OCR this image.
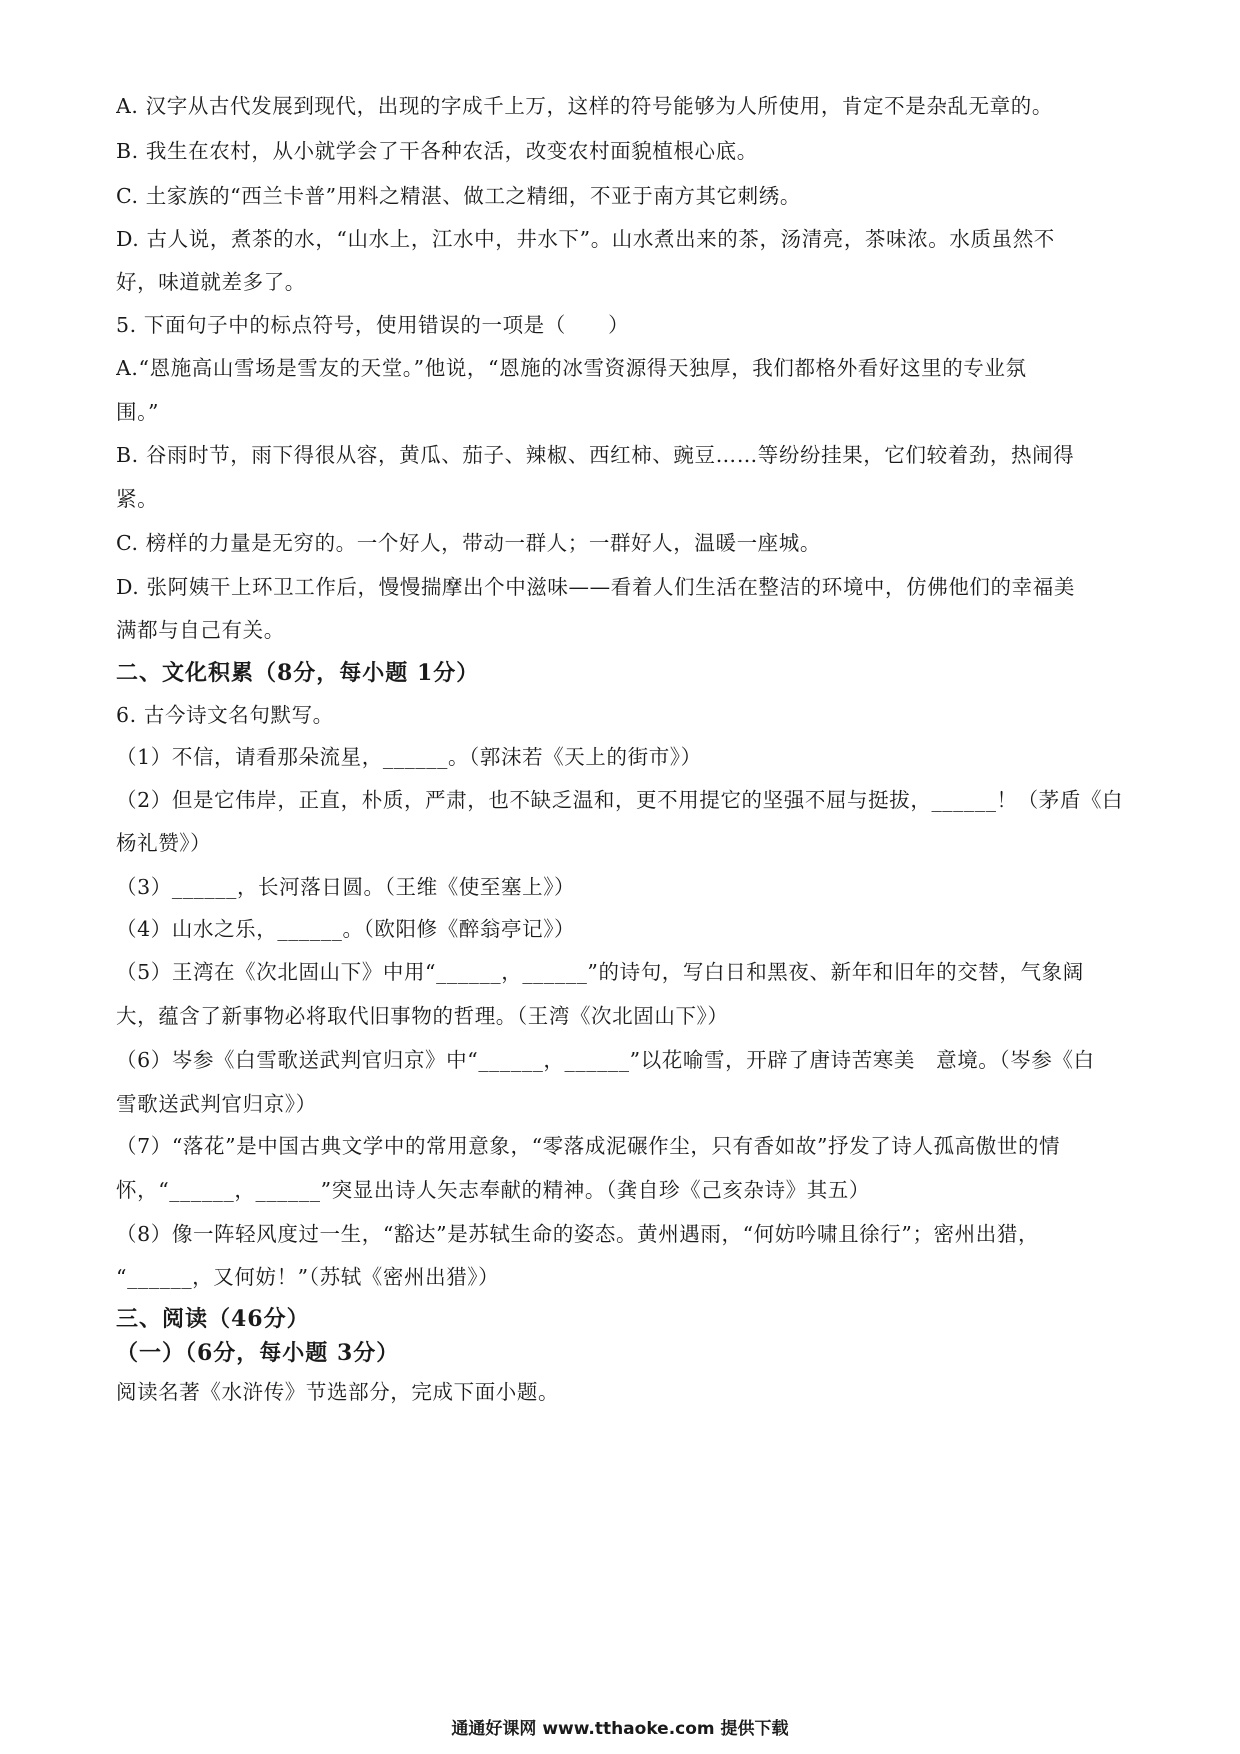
A. 汉字从古代发展到现代，出现的字成千上万，这样的符号能够为人所使用，肯定不是杂乱无章的。
B. 我生在农村，从小就学会了干各种农活，改变农村面貌植根心底。
C. 土家族的“西兰卡普”用料之精湛、做工之精细，不亚于南方其它刺绣。
D. 古人说，煮茶的水，“山水上，江水中，井水下”。山水煮出来的茶，汤清亮，茶味浓。水质虽然不
好，味道就差多了。
5. 下面句子中的标点符号，使用错误的一项是（　　）
A.“恩施高山雪场是雪友的天堂。”他说，“恩施的冰雪资源得天独厚，我们都格外看好这里的专业氛
围。”
B. 谷雨时节，雨下得很从容，黄瓜、茄子、辣椒、西红柿、豌豆……等纷纷挂果，它们较着劲，热闹得
紧。
C. 榜样的力量是无穷的。一个好人，带动一群人；一群好人，温暖一座城。
D. 张阿姨干上环卫工作后，慢慢揣摩出个中滋味——看着人们生活在整洁的环境中，仿佛他们的幸福美
满都与自己有关。
二、文化积累（8分，每小题 1分）
6. 古今诗文名句默写。
（1）不信，请看那朵流星，______。（郭沫若《天上的街市》）
（2）但是它伟岸，正直，朴质，严肃，也不缺乏温和，更不用提它的坚强不屈与挺拔，______！（茅盾《白
杨礼赞》）
（3）______，长河落日圆。（王维《使至塞上》）
（4）山水之乐，______。（欧阳修《醉翁亭记》）
（5）王湾在《次北固山下》中用“______，______”的诗句，写白日和黑夜、新年和旧年的交替，气象阔
大，蕴含了新事物必将取代旧事物的哲理。（王湾《次北固山下》）
（6）岑参《白雪歌送武判官归京》中“______，______”以花喻雪，开辟了唐诗苦寒美　意境。（岑参《白
雪歌送武判官归京》）
（7）“落花”是中国古典文学中的常用意象，“零落成泥碾作尘，只有香如故”抒发了诗人孤高傲世的情
怀，“______，______”突显出诗人矢志奉献的精神。（龚自珍《己亥杂诗》其五）
（8）像一阵轻风度过一生，“豁达”是苏轼生命的姿态。黄州遇雨，“何妨吟啸且徐行”；密州出猎，
“______，又何妨！”（苏轼《密州出猎》）
三、阅读（46分）
（一）（6分，每小题 3分）
阅读名著《水浒传》节选部分，完成下面小题。
通通好课网 www.tthaoke.com 提供下载
